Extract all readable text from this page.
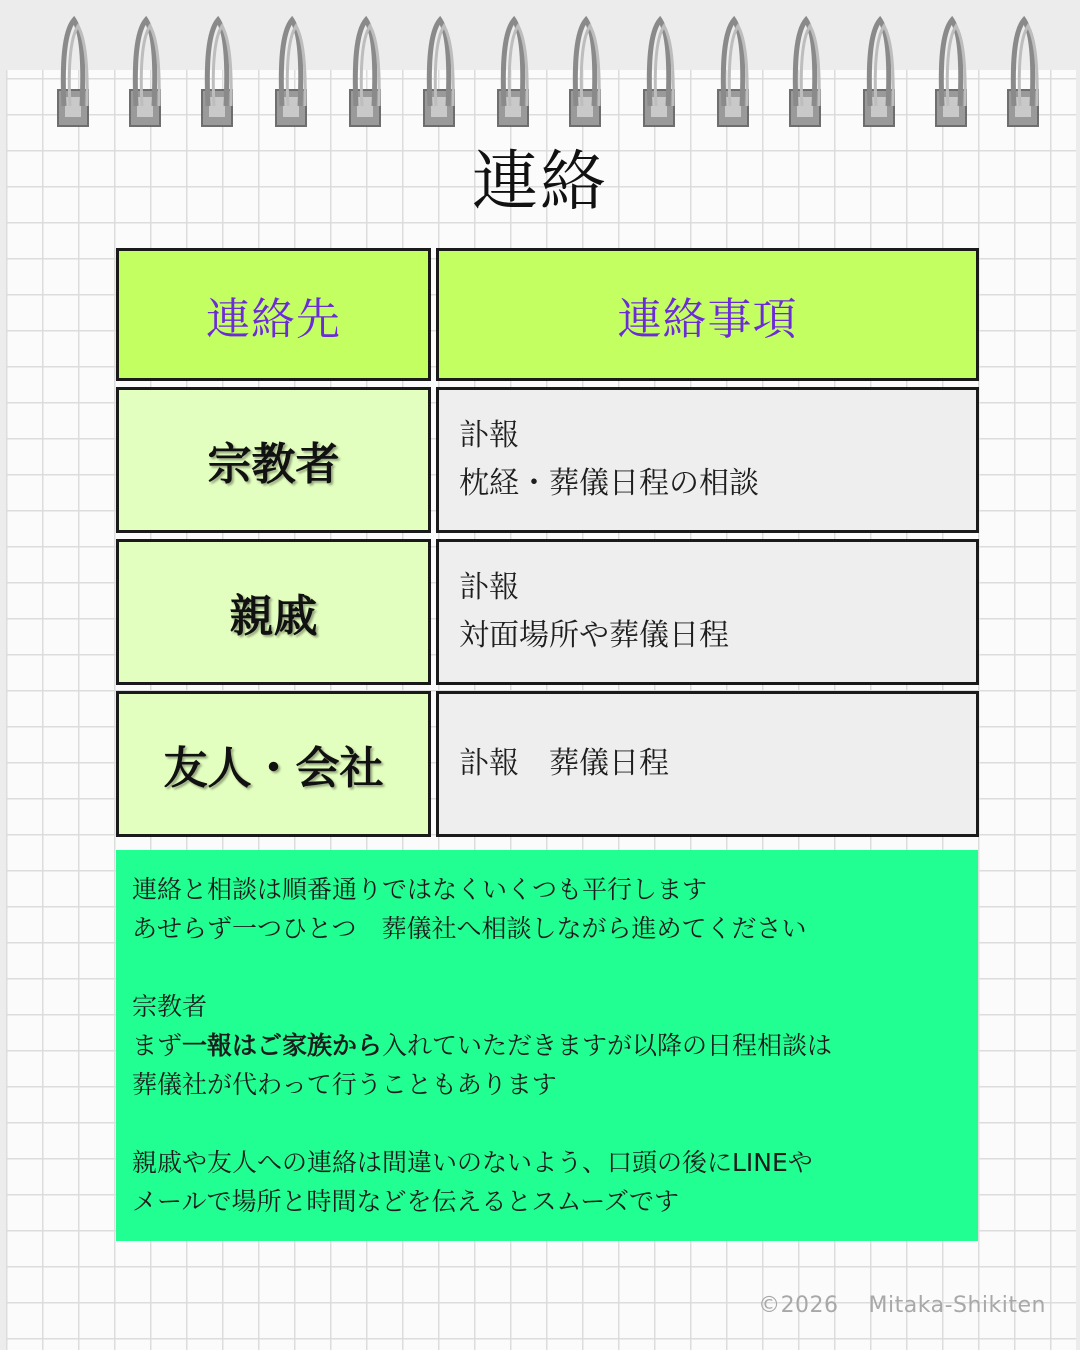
連絡
連絡先	連絡事項
宗教者
訃報
枕経・葬儀日程の相談
親戚
訃報
対面場所や葬儀日程
友人・会社	訃報　葬儀日程
連絡と相談は順番通りではなくいくつも平行します
あせらず一つひとつ　葬儀社へ相談しながら進めてください
宗教者
まず一報はご家族から入れていただきますが以降の日程相談は
葬儀社が代わって行うこともあります
親戚や友人への連絡は間違いのないよう、口頭の後にLINEや
メールで場所と時間などを伝えるとスムーズです
©2026　 Mitaka-Shikiten
